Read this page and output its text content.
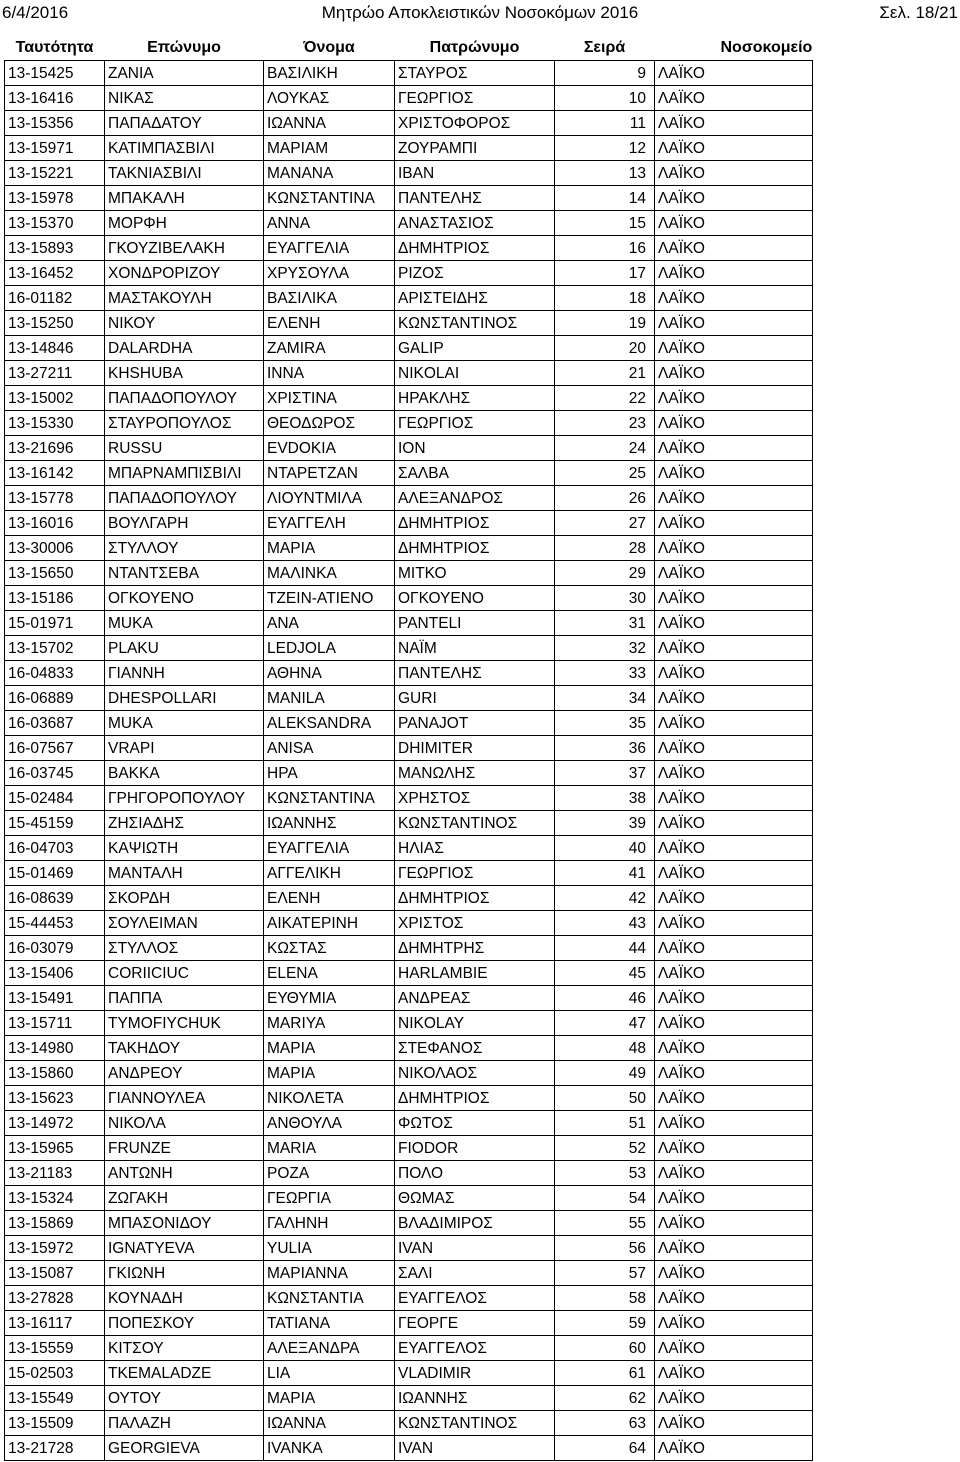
6/4/2016	Μητρώο Αποκλειστικών Νοσοκόμων 2016	Σελ. 18/21
Ταυτότητα	Επώνυμο	Όνομα	Πατρώνυμο	Σειρά	Νοσοκομείο
13-15425	ΖΑΝΙΑ	ΒΑΣΙΛΙΚΗ	ΣΤΑΥΡΟΣ	9	ΛΑΪΚΟ
13-16416	ΝΙΚΑΣ	ΛΟΥΚΑΣ	ΓΕΩΡΓΙΟΣ	10	ΛΑΪΚΟ
13-15356	ΠΑΠΑΔΑΤΟΥ	ΙΩΑΝΝΑ	ΧΡΙΣΤΟΦΟΡΟΣ	11	ΛΑΪΚΟ
13-15971	ΚΑΤΙΜΠΑΣΒΙΛΙ	ΜΑΡΙΑΜ	ΖΟΥΡΑΜΠΙ	12	ΛΑΪΚΟ
13-15221	ΤΑΚΝΙΑΣΒΙΛΙ	ΜΑΝΑΝΑ	ΙΒΑΝ	13	ΛΑΪΚΟ
13-15978	ΜΠΑΚΑΛΗ	ΚΩΝΣΤΑΝΤΙΝΑ	ΠΑΝΤΕΛΗΣ	14	ΛΑΪΚΟ
13-15370	ΜΟΡΦΗ	ΑΝΝΑ	ΑΝΑΣΤΑΣΙΟΣ	15	ΛΑΪΚΟ
13-15893	ΓΚΟΥΖΙΒΕΛΑΚΗ	ΕΥΑΓΓΕΛΙΑ	ΔΗΜΗΤΡΙΟΣ	16	ΛΑΪΚΟ
13-16452	ΧΟΝΔΡΟΡΙΖΟΥ	ΧΡΥΣΟΥΛΑ	ΡΙΖΟΣ	17	ΛΑΪΚΟ
16-01182	ΜΑΣΤΑΚΟΥΛΗ	ΒΑΣΙΛΙΚΑ	ΑΡΙΣΤΕΙΔΗΣ	18	ΛΑΪΚΟ
13-15250	ΝΙΚΟΥ	ΕΛΕΝΗ	ΚΩΝΣΤΑΝΤΙΝΟΣ	19	ΛΑΪΚΟ
13-14846	DALARDHA	ZAMIRA	GALIP	20	ΛΑΪΚΟ
13-27211	KHSHUBA	INNA	NIKOLAI	21	ΛΑΪΚΟ
13-15002	ΠΑΠΑΔΟΠΟΥΛΟΥ	ΧΡΙΣΤΙΝΑ	ΗΡΑΚΛΗΣ	22	ΛΑΪΚΟ
13-15330	ΣΤΑΥΡΟΠΟΥΛΟΣ	ΘΕΟΔΩΡΟΣ	ΓΕΩΡΓΙΟΣ	23	ΛΑΪΚΟ
13-21696	RUSSU	EVDOKIA	ION	24	ΛΑΪΚΟ
13-16142	ΜΠΑΡΝΑΜΠΙΣΒΙΛΙ	ΝΤΑΡΕΤΖΑΝ	ΣΑΛΒΑ	25	ΛΑΪΚΟ
13-15778	ΠΑΠΑΔΟΠΟΥΛΟΥ	ΛΙΟΥΝΤΜΙΛΑ	ΑΛΕΞΑΝΔΡΟΣ	26	ΛΑΪΚΟ
13-16016	ΒΟΥΛΓΑΡΗ	ΕΥΑΓΓΕΛΗ	ΔΗΜΗΤΡΙΟΣ	27	ΛΑΪΚΟ
13-30006	ΣΤΥΛΛΟΥ	ΜΑΡΙΑ	ΔΗΜΗΤΡΙΟΣ	28	ΛΑΪΚΟ
13-15650	ΝΤΑΝΤΣΕΒΑ	ΜΑΛΙΝΚΑ	ΜΙΤΚΟ	29	ΛΑΪΚΟ
13-15186	ΟΓΚΟΥΕΝΟ	ΤΖΕΙΝ-ΑΤΙΕΝΟ	ΟΓΚΟΥΕΝΟ	30	ΛΑΪΚΟ
15-01971	MUKA	ANA	PANTELI	31	ΛΑΪΚΟ
13-15702	PLAKU	LEDJOLA	ΝΑΪΜ	32	ΛΑΪΚΟ
16-04833	ΓΙΑΝΝΗ	ΑΘΗΝΑ	ΠΑΝΤΕΛΗΣ	33	ΛΑΪΚΟ
16-06889	DHESPOLLARI	MANILA	GURI	34	ΛΑΪΚΟ
16-03687	MUKA	ALEKSANDRA	PANAJOT	35	ΛΑΪΚΟ
16-07567	VRAPI	ANISA	DHIMITER	36	ΛΑΪΚΟ
16-03745	ΒΑΚΚΑ	ΗΡΑ	ΜΑΝΩΛΗΣ	37	ΛΑΪΚΟ
15-02484	ΓΡΗΓΟΡΟΠΟΥΛΟΥ	ΚΩΝΣΤΑΝΤΙΝΑ	ΧΡΗΣΤΟΣ	38	ΛΑΪΚΟ
15-45159	ΖΗΣΙΑΔΗΣ	ΙΩΑΝΝΗΣ	ΚΩΝΣΤΑΝΤΙΝΟΣ	39	ΛΑΪΚΟ
16-04703	ΚΑΨΙΩΤΗ	ΕΥΑΓΓΕΛΙΑ	ΗΛΙΑΣ	40	ΛΑΪΚΟ
15-01469	ΜΑΝΤΑΛΗ	ΑΓΓΕΛΙΚΗ	ΓΕΩΡΓΙΟΣ	41	ΛΑΪΚΟ
16-08639	ΣΚΟΡΔΗ	ΕΛΕΝΗ	ΔΗΜΗΤΡΙΟΣ	42	ΛΑΪΚΟ
15-44453	ΣΟΥΛΕΙΜΑΝ	ΑΙΚΑΤΕΡΙΝΗ	ΧΡΙΣΤΟΣ	43	ΛΑΪΚΟ
16-03079	ΣΤΥΛΛΟΣ	ΚΩΣΤΑΣ	ΔΗΜΗΤΡΗΣ	44	ΛΑΪΚΟ
13-15406	CORIICIUC	ELENA	HARLAMBIE	45	ΛΑΪΚΟ
13-15491	ΠΑΠΠΑ	ΕΥΘΥΜΙΑ	ΑΝΔΡΕΑΣ	46	ΛΑΪΚΟ
13-15711	TYMOFIYCHUK	MARIYA	NIKOLAY	47	ΛΑΪΚΟ
13-14980	ΤΑΚΗΔΟΥ	ΜΑΡΙΑ	ΣΤΕΦΑΝΟΣ	48	ΛΑΪΚΟ
13-15860	ΑΝΔΡΕΟΥ	ΜΑΡΙΑ	ΝΙΚΟΛΑΟΣ	49	ΛΑΪΚΟ
13-15623	ΓΙΑΝΝΟΥΛΕΑ	ΝΙΚΟΛΕΤΑ	ΔΗΜΗΤΡΙΟΣ	50	ΛΑΪΚΟ
13-14972	ΝΙΚΟΛΑ	ΑΝΘΟΥΛΑ	ΦΩΤΟΣ	51	ΛΑΪΚΟ
13-15965	FRUNZE	MARIA	FIODOR	52	ΛΑΪΚΟ
13-21183	ΑΝΤΩΝΗ	ΡΟΖΑ	ΠΟΛΟ	53	ΛΑΪΚΟ
13-15324	ΖΩΓΑΚΗ	ΓΕΩΡΓΙΑ	ΘΩΜΑΣ	54	ΛΑΪΚΟ
13-15869	ΜΠΑΣΟΝΙΔΟΥ	ΓΑΛΗΝΗ	ΒΛΑΔΙΜΙΡΟΣ	55	ΛΑΪΚΟ
13-15972	IGNATYEVA	YULIA	IVAN	56	ΛΑΪΚΟ
13-15087	ΓΚΙΩΝΗ	ΜΑΡΙΑΝΝΑ	ΣΑΛΙ	57	ΛΑΪΚΟ
13-27828	ΚΟΥΝΑΔΗ	ΚΩΝΣΤΑΝΤΙΑ	ΕΥΑΓΓΕΛΟΣ	58	ΛΑΪΚΟ
13-16117	ΠΟΠΕΣΚΟΥ	ΤΑΤΙΑΝΑ	ΓΕΟΡΓΕ	59	ΛΑΪΚΟ
13-15559	ΚΙΤΣΟΥ	ΑΛΕΞΑΝΔΡΑ	ΕΥΑΓΓΕΛΟΣ	60	ΛΑΪΚΟ
15-02503	TKEMALADZE	LIA	VLADIMIR	61	ΛΑΪΚΟ
13-15549	ΟΥΤΟΥ	ΜΑΡΙΑ	ΙΩΑΝΝΗΣ	62	ΛΑΪΚΟ
13-15509	ΠΑΛΑΖΗ	ΙΩΑΝΝΑ	ΚΩΝΣΤΑΝΤΙΝΟΣ	63	ΛΑΪΚΟ
13-21728	GEORGIEVA	IVANKA	IVAN	64	ΛΑΪΚΟ
